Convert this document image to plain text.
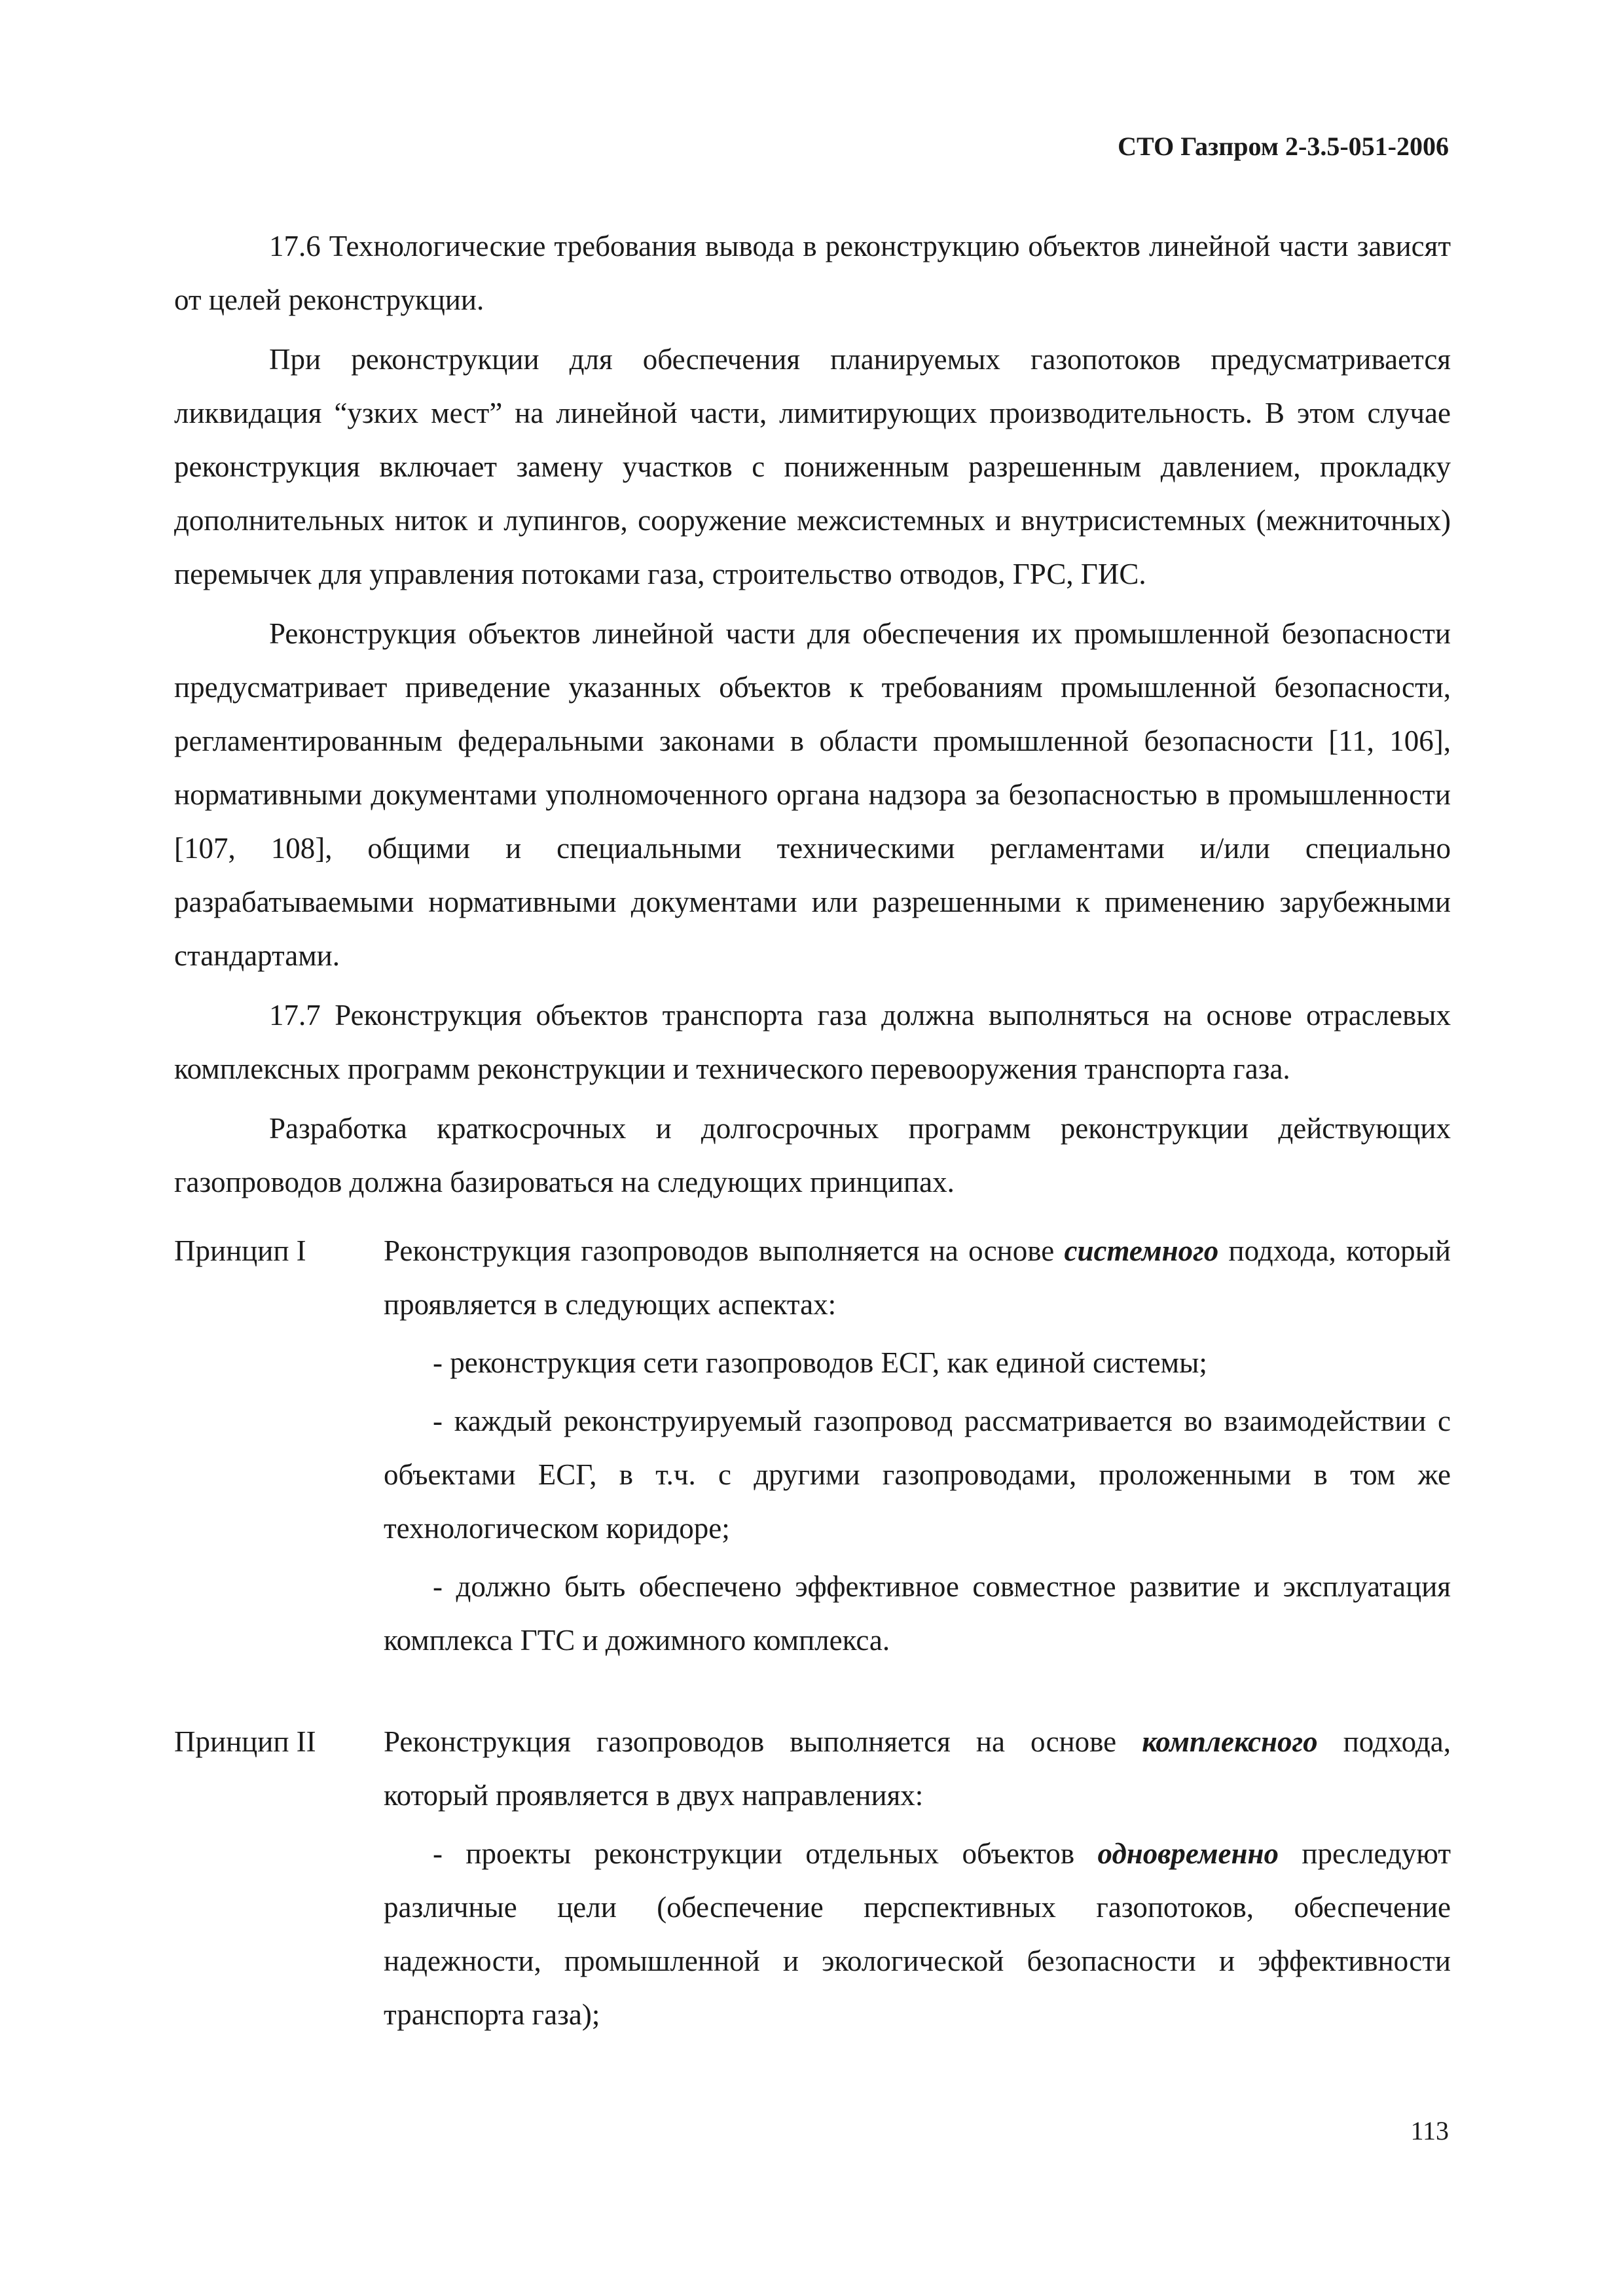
СТО Газпром 2-3.5-051-2006

17.6 Технологические требования вывода в реконструкцию объектов линейной части зависят от целей реконструкции.

При реконструкции для обеспечения планируемых газопотоков предусматривается ликвидация “узких мест” на линейной части, лимитирующих производительность. В этом случае реконструкция включает замену участков с пониженным разрешенным давлением, прокладку дополнительных ниток и лупингов, сооружение межсистемных и внутрисистемных (межниточных) перемычек для управления потоками газа, строительство отводов, ГРС, ГИС.

Реконструкция объектов линейной части для обеспечения их промышленной безопасности предусматривает приведение указанных объектов к требованиям промышленной безопасности, регламентированным федеральными законами в области промышленной безопасности [11, 106], нормативными документами уполномоченного органа надзора за безопасностью в промышленности [107, 108], общими и специальными техническими регламентами и/или специально разрабатываемыми нормативными документами или разрешенными к применению зарубежными стандартами.

17.7 Реконструкция объектов транспорта газа должна выполняться на основе отраслевых комплексных программ реконструкции и технического перевооружения транспорта газа.

Разработка краткосрочных и долгосрочных программ реконструкции действующих газопроводов должна базироваться на следующих принципах.

Принцип I	Реконструкция газопроводов выполняется на основе системного подхода, который проявляется в следующих аспектах:

- реконструкция сети газопроводов ЕСГ, как единой системы;

- каждый реконструируемый газопровод рассматривается во взаимодействии с объектами ЕСГ, в т.ч. с другими газопроводами, проложенными в том же технологическом коридоре;

- должно быть обеспечено эффективное совместное развитие и эксплуатация комплекса ГТС и дожимного комплекса.

Принцип II Реконструкция газопроводов выполняется на основе комплексного подхода, который проявляется в двух направлениях:

- проекты реконструкции отдельных объектов одновременно преследуют различные цели (обеспечение перспективных газопотоков, обеспечение надежности, промышленной и экологической безопасности и эффективности транспорта газа);

113
